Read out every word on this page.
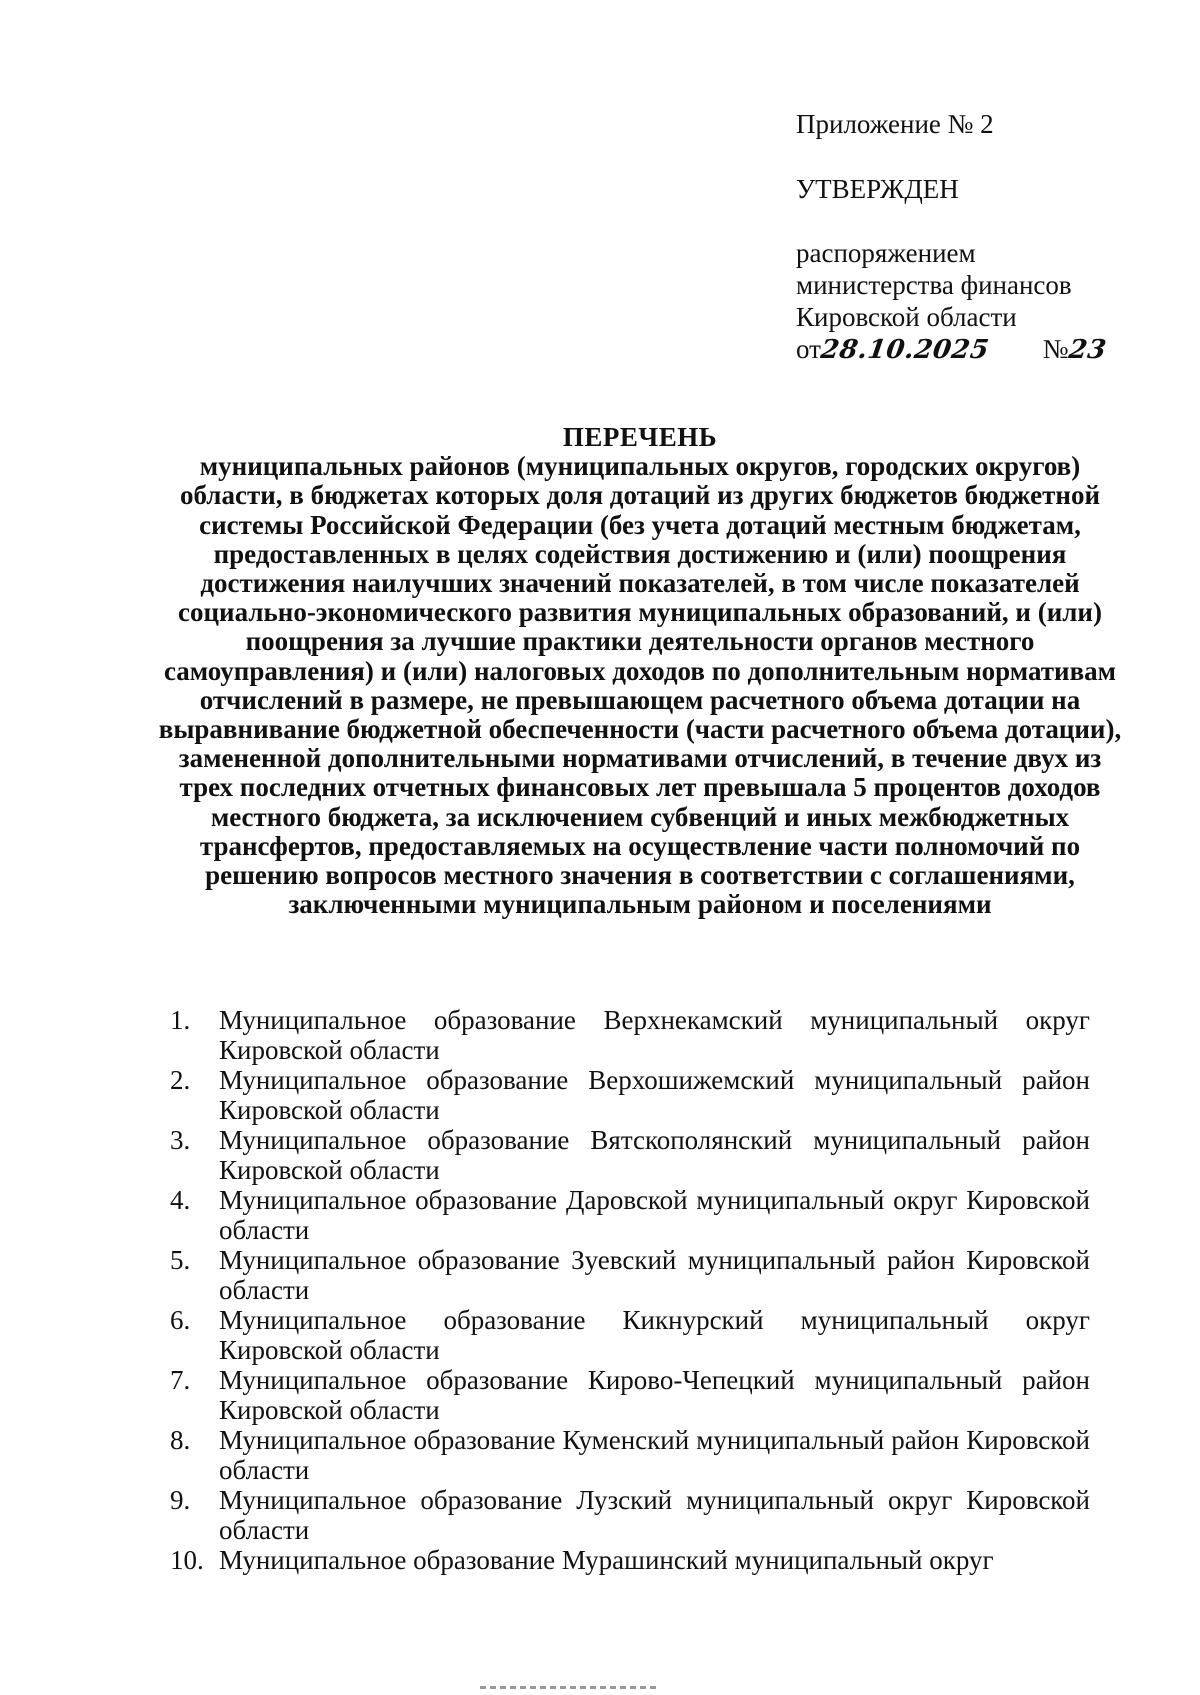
Приложение № 2
УТВЕРЖДЕН
распоряжением
министерства финансов
Кировской области
от
28.10.2025 №
23
ПЕРЕЧЕНЬ
муниципальных районов (муниципальных округов, городских округов) области, в бюджетах которых доля дотаций из других бюджетов бюджетной системы Российской Федерации (без учета дотаций местным бюджетам, предоставленных в целях содействия достижению и (или) поощрения достижения наилучших значений показателей, в том числе показателей социально-экономического развития муниципальных образований, и (или) поощрения за лучшие практики деятельности органов местного самоуправления) и (или) налоговых доходов по дополнительным нормативам отчислений в размере, не превышающем расчетного объема дотации на выравнивание бюджетной обеспеченности (части расчетного объема дотации), замененной дополнительными нормативами отчислений, в течение двух из трех последних отчетных финансовых лет превышала 5 процентов доходов местного бюджета, за исключением субвенций и иных межбюджетных трансфертов, предоставляемых на осуществление части полномочий по решению вопросов местного значения в соответствии с соглашениями, заключенными муниципальным районом и поселениями
1.	Муниципальное образование Верхнекамский муниципальный округ Кировской области
2.	Муниципальное образование Верхошижемский муниципальный район Кировской области
3.	Муниципальное образование Вятскополянский муниципальный район Кировской области
4.	Муниципальное образование Даровской муниципальный округ Кировской области
5.	Муниципальное образование Зуевский муниципальный район Кировской области
6.	Муниципальное образование Кикнурский муниципальный округ Кировской области
7.	Муниципальное образование Кирово-Чепецкий муниципальный район Кировской области
8.	Муниципальное образование Куменский муниципальный район Кировской области
9.	Муниципальное образование Лузский муниципальный округ Кировской области
10. Муниципальное образование Мурашинский муниципальный округ
